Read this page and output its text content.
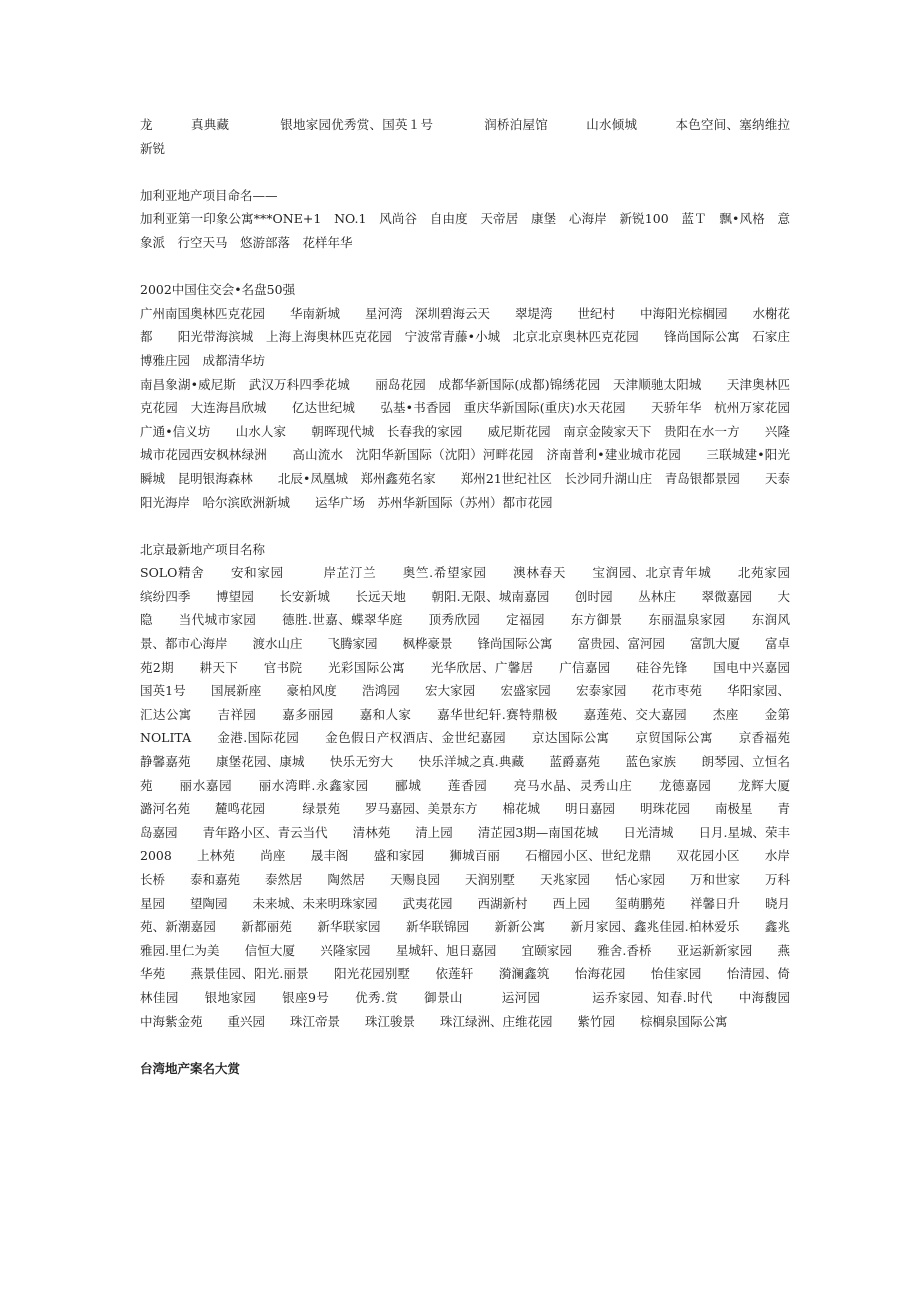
龙　　　真典藏　　　　银地家园优秀赏、国英１号　　　　润桥泊屋馆　　　山水倾城　　　本色空间、塞纳维拉　　　　新锐

加利亚地产项目命名——

加利亚第一印象公寓***ONE+1　NO.1　风尚谷　自由度　天帝居　康堡　心海岸　新锐100　蓝Ｔ　飘•风格　意象派　行空天马　悠游部落　花样年华

2002中国住交会•名盘50强

广州南国奥林匹克花园　　华南新城　　星河湾　深圳碧海云天　　翠堤湾　　世纪村　　中海阳光棕榈园　　水榭花都　　阳光带海滨城　上海上海奥林匹克花园　宁波常青藤•小城　北京北京奥林匹克花园　　锋尚国际公寓　石家庄博雅庄园　成都清华坊

南昌象湖•威尼斯　武汉万科四季花城　　丽岛花园　成都华新国际(成都)锦绣花园　天津顺驰太阳城　　天津奥林匹克花园　大连海昌欣城　　亿达世纪城　　弘基•书香园　重庆华新国际(重庆)水天花园　　天骄年华　杭州万家花园　　广通•信义坊　　山水人家　　朝晖现代城　长春我的家园　　威尼斯花园　南京金陵家天下　贵阳在水一方　　兴隆城市花园西安枫林绿洲　　高山流水　沈阳华新国际（沈阳）河畔花园　济南普利•建业城市花园　　三联城建•阳光瞬城　昆明银海森林　　北辰•凤凰城　郑州鑫苑名家　　郑州21世纪社区　长沙同升湖山庄　青岛银都景园　　天泰阳光海岸　哈尔滨欧洲新城　　运华广场　苏州华新国际（苏州）都市花园

北京最新地产项目名称

SOLO精舍　　安和家园　　　岸芷汀兰　　奥竺.希望家园　　澳林春天　　宝润园、北京青年城　　北苑家园　　缤纷四季　　博望园　　长安新城　　长远天地　　朝阳.无限、城南嘉园　　创时园　　丛林庄　　翠微嘉园　　大隐　　当代城市家园　　德胜.世嘉、蝶翠华庭　　顶秀欣园　　定福园　　东方御景　　东丽温泉家园　　东润风景、都市心海岸　　渡水山庄　　飞腾家园　　枫桦豪景　　锋尚国际公寓　　富贵园、富河园　　富凯大厦　　富卓苑2期　　耕天下　　官书院　　光彩国际公寓　　光华欣居、广馨居　　广信嘉园　　硅谷先锋　　国电中兴嘉园　　　国英1号　　国展新座　　豪柏风度　　浩鸿园　　宏大家园　　宏盛家园　　宏泰家园　　花市枣苑　　华阳家园、汇达公寓　　吉祥园　　嘉多丽园　　嘉和人家　　嘉华世纪轩.赛特鼎极　　嘉莲苑、交大嘉园　　杰座　　金第NOLITA　　金港.国际花园　　金色假日产权酒店、金世纪嘉园　　京达国际公寓　　京贸国际公寓　　京香福苑　　静馨嘉苑　　康堡花园、康城　　快乐无穷大　　快乐洋城之真.典藏　　蓝爵嘉苑　　蓝色家族　　朗琴园、立恒名苑　　丽水嘉园　　丽水湾畔.永鑫家园　　郦城　　莲香园　　亮马水晶、灵秀山庄　　龙德嘉园　　龙辉大厦　　潞河名苑　　麓鸣花园　　　绿景苑　　罗马嘉园、美景东方　　棉花城　　明日嘉园　　明珠花园　　南极星　　青岛嘉园　　青年路小区、青云当代　　清林苑　　清上园　　清芷园3期—南国花城　　日光清城　　日月.星城、荣丰2008　　上林苑　　尚座　　晟丰阁　　盛和家园　　狮城百丽　　石榴园小区、世纪龙鼎　　双花园小区　　水岸长桥　　泰和嘉苑　　泰然居　　陶然居　　天赐良园　　天润别墅　　天兆家园　　恬心家园　　万和世家　　万科星园　　望陶园　　未来城、未来明珠家园　　武夷花园　　西湖新村　　西上园　　玺萌鹏苑　　祥馨日升　　晓月苑、新潮嘉园　　新都丽苑　　新华联家园　　新华联锦园　　新新公寓　　新月家园、鑫兆佳园.柏林爱乐　　鑫兆雅园.里仁为美　　信恒大厦　　兴隆家园　　星城轩、旭日嘉园　　宜颐家园　　雅舍.香桥　　亚运新新家园　　燕华苑　　燕景佳园、阳光.丽景　　阳光花园别墅　　依莲轩　　漪澜鑫筑　　怡海花园　　怡佳家园　　怡清园、倚林佳园　　银地家园　　银座9号　　优秀.赏　　御景山　　　运河园　　　　运乔家园、知春.时代　　中海馥园　　中海紫金苑　　重兴园　　珠江帝景　　珠江骏景　　珠江绿洲、庄维花园　　紫竹园　　棕榈泉国际公寓

台湾地产案名大赏
